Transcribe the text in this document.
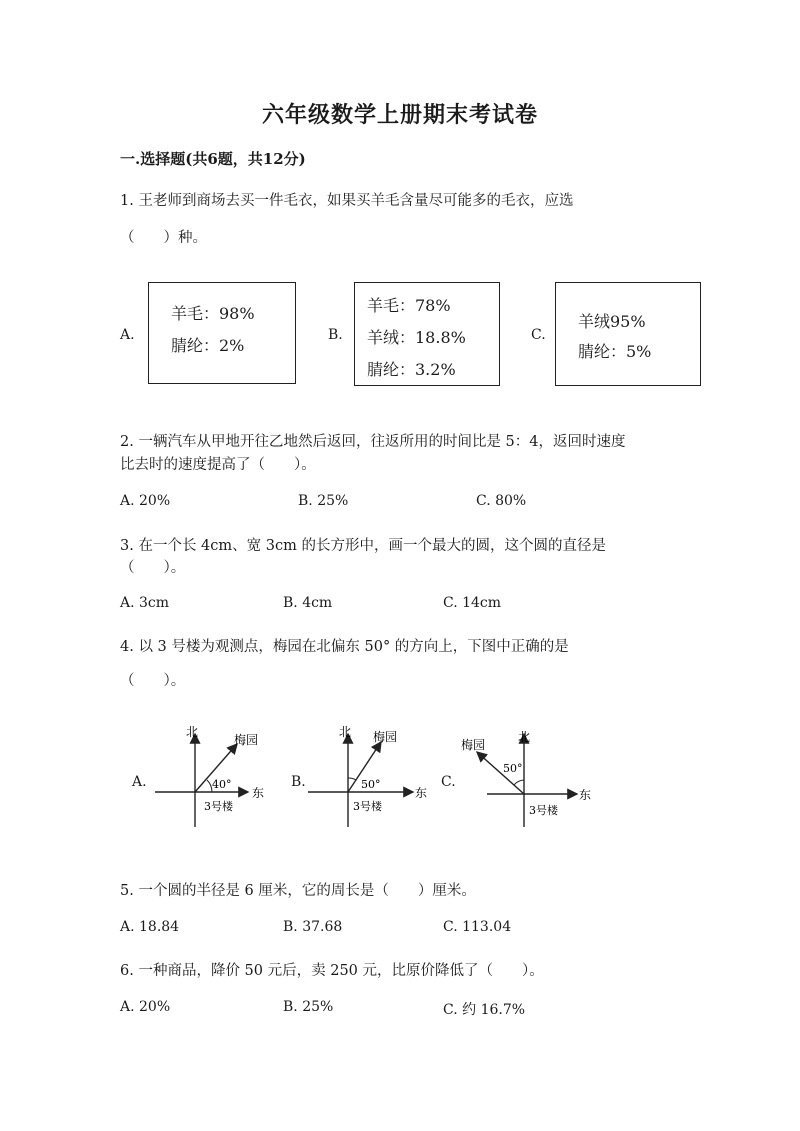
六年级数学上册期末考试卷
一.选择题(共6题，共12分)
1. 王老师到商场去买一件毛衣，如果买羊毛含量尽可能多的毛衣，应选
（　　）种。
A.
羊毛：98%
腈纶：2%
B.
羊毛：78%
羊绒：18.8%
腈纶：3.2%
C.
羊绒95%
腈纶：5%
2. 一辆汽车从甲地开往乙地然后返回，往返所用的时间比是 5：4，返回时速度
比去时的速度提高了（　　）。
A. 20%	B. 25%	C. 80%
3. 在一个长 4cm、宽 3cm 的长方形中，画一个最大的圆，这个圆的直径是
（　　）。
A. 3cm	B. 4cm	C. 14cm
4. 以 3 号楼为观测点，梅园在北偏东 50° 的方向上，下图中正确的是
（　　）。
A.
北
东
梅园
40°
3号楼
B.
北
东
梅园
50°
3号楼
C.
北
东
梅园
50°
3号楼
5. 一个圆的半径是 6 厘米，它的周长是（　　）厘米。
A. 18.84	B. 37.68	C. 113.04
6. 一种商品，降价 50 元后，卖 250 元，比原价降低了（　　）。
A. 20%	B. 25%	C. 约 16.7%
